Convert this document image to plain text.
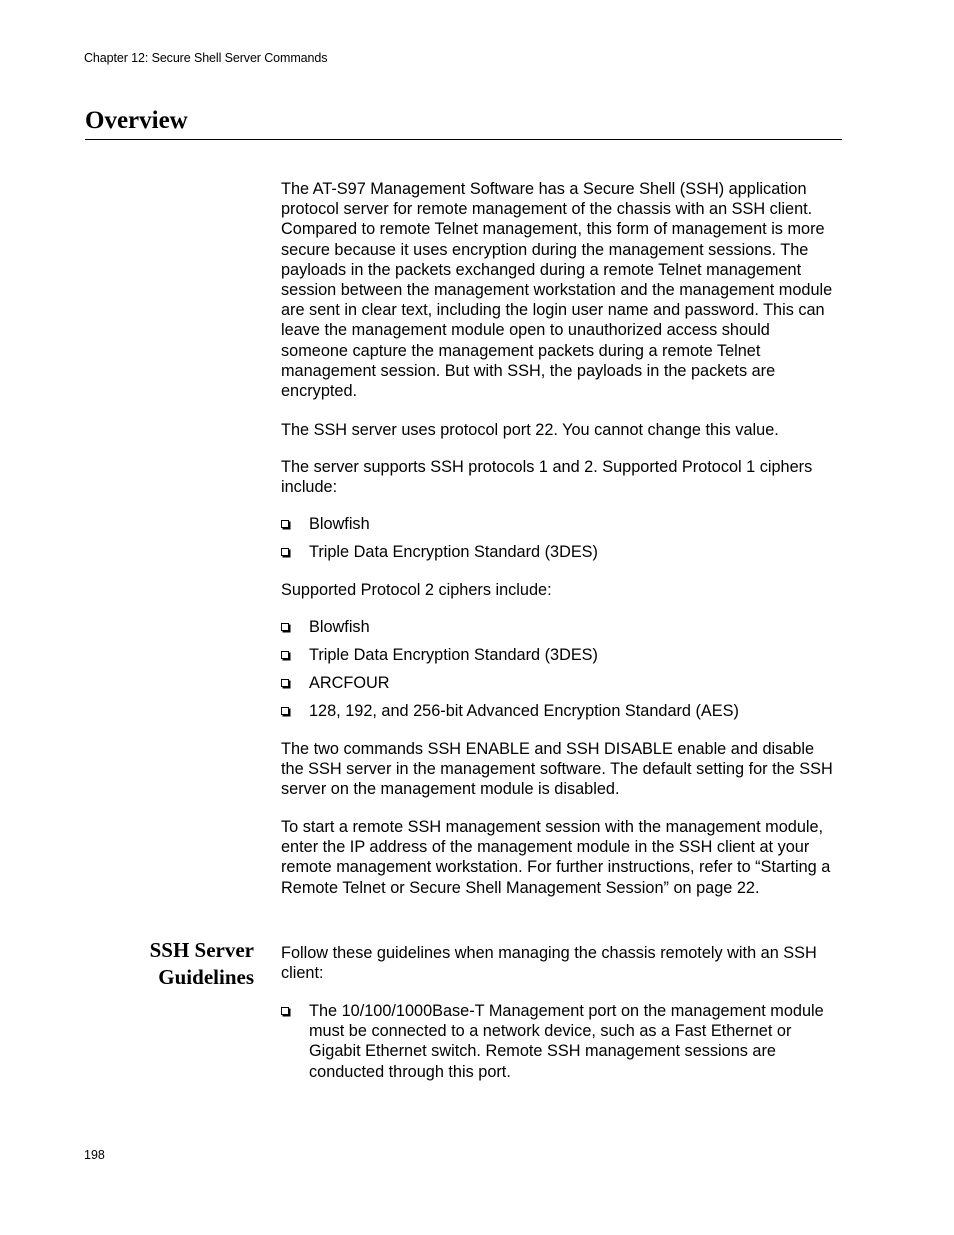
Chapter 12: Secure Shell Server Commands
Overview

The AT-S97 Management Software has a Secure Shell (SSH) application protocol server for remote management of the chassis with an SSH client. Compared to remote Telnet management, this form of management is more secure because it uses encryption during the management sessions. The payloads in the packets exchanged during a remote Telnet management session between the management workstation and the management module are sent in clear text, including the login user name and password. This can leave the management module open to unauthorized access should someone capture the management packets during a remote Telnet management session. But with SSH, the payloads in the packets are encrypted.

The SSH server uses protocol port 22. You cannot change this value.

The server supports SSH protocols 1 and 2. Supported Protocol 1 ciphers include:

Blowfish
Triple Data Encryption Standard (3DES)

Supported Protocol 2 ciphers include:

Blowfish
Triple Data Encryption Standard (3DES)
ARCFOUR
128, 192, and 256-bit Advanced Encryption Standard (AES)

The two commands SSH ENABLE and SSH DISABLE enable and disable the SSH server in the management software. The default setting for the SSH server on the management module is disabled.

To start a remote SSH management session with the management module, enter the IP address of the management module in the SSH client at your remote management workstation. For further instructions, refer to “Starting a Remote Telnet or Secure Shell Management Session” on page 22.

SSH Server
Guidelines

Follow these guidelines when managing the chassis remotely with an SSH client:

The 10/100/1000Base-T Management port on the management module must be connected to a network device, such as a Fast Ethernet or Gigabit Ethernet switch. Remote SSH management sessions are conducted through this port.
198
